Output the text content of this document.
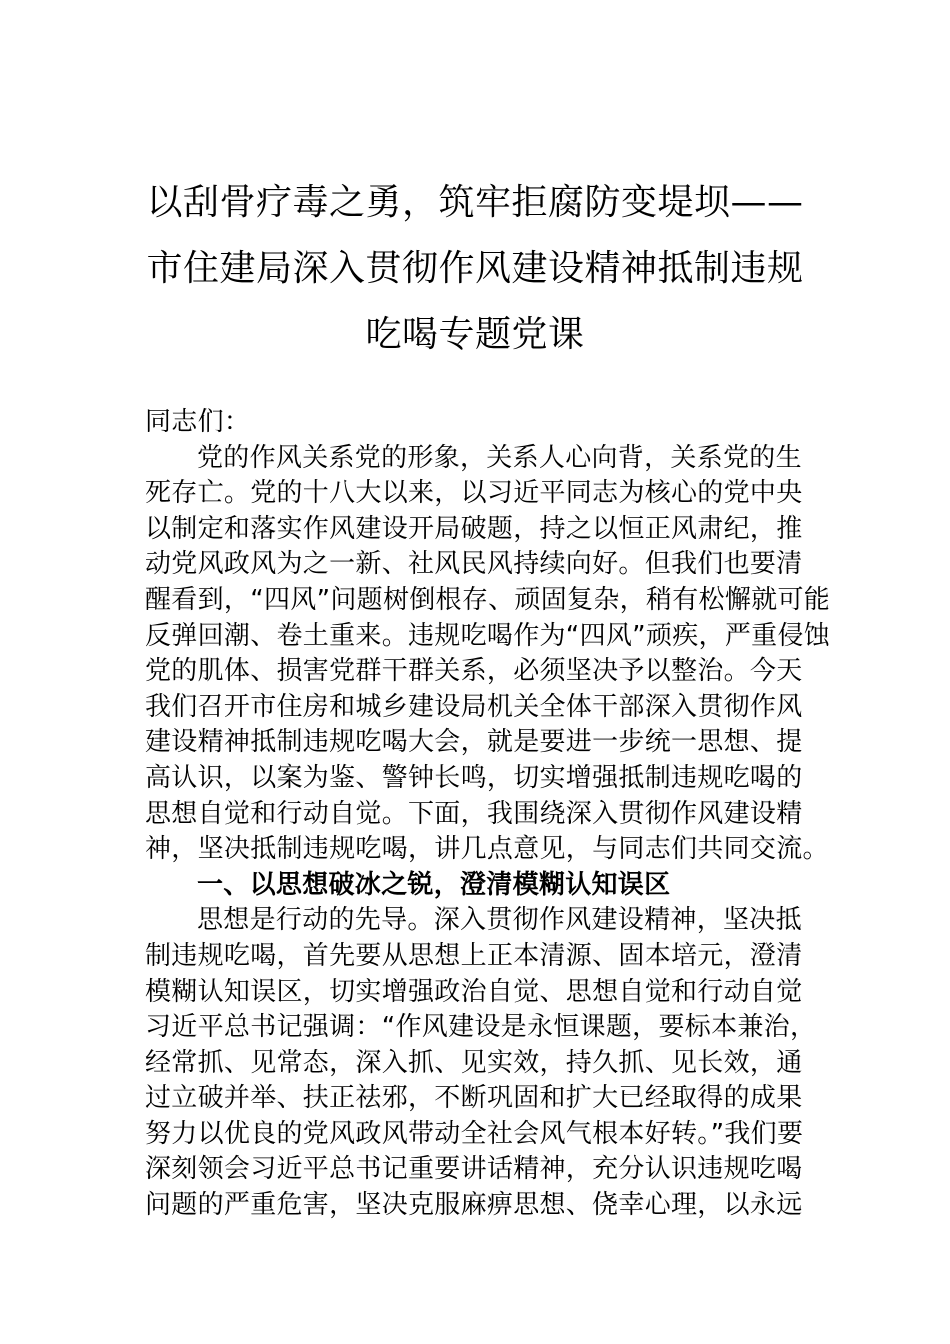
以刮骨疗毒之勇，筑牢拒腐防变堤坝——
市住建局深入贯彻作风建设精神抵制违规
吃喝专题党课
同志们：
党的作风关系党的形象，关系人心向背，关系党的生
死存亡。党的十八大以来，以习近平同志为核心的党中央
以制定和落实作风建设开局破题，持之以恒正风肃纪，推
动党风政风为之一新、社风民风持续向好。但我们也要清
醒看到，“四风”问题树倒根存、顽固复杂，稍有松懈就可能
反弹回潮、卷土重来。违规吃喝作为“四风”顽疾，严重侵蚀
党的肌体、损害党群干群关系，必须坚决予以整治。今天
我们召开市住房和城乡建设局机关全体干部深入贯彻作风
建设精神抵制违规吃喝大会，就是要进一步统一思想、提
高认识，以案为鉴、警钟长鸣，切实增强抵制违规吃喝的
思想自觉和行动自觉。下面，我围绕深入贯彻作风建设精
神，坚决抵制违规吃喝，讲几点意见，与同志们共同交流。
一、以思想破冰之锐，澄清模糊认知误区
思想是行动的先导。深入贯彻作风建设精神，坚决抵
制违规吃喝，首先要从思想上正本清源、固本培元，澄清
模糊认知误区，切实增强政治自觉、思想自觉和行动自觉
习近平总书记强调：“作风建设是永恒课题，要标本兼治，
经常抓、见常态，深入抓、见实效，持久抓、见长效，通
过立破并举、扶正祛邪，不断巩固和扩大已经取得的成果
努力以优良的党风政风带动全社会风气根本好转。”我们要
深刻领会习近平总书记重要讲话精神，充分认识违规吃喝
问题的严重危害，坚决克服麻痹思想、侥幸心理，以永远
